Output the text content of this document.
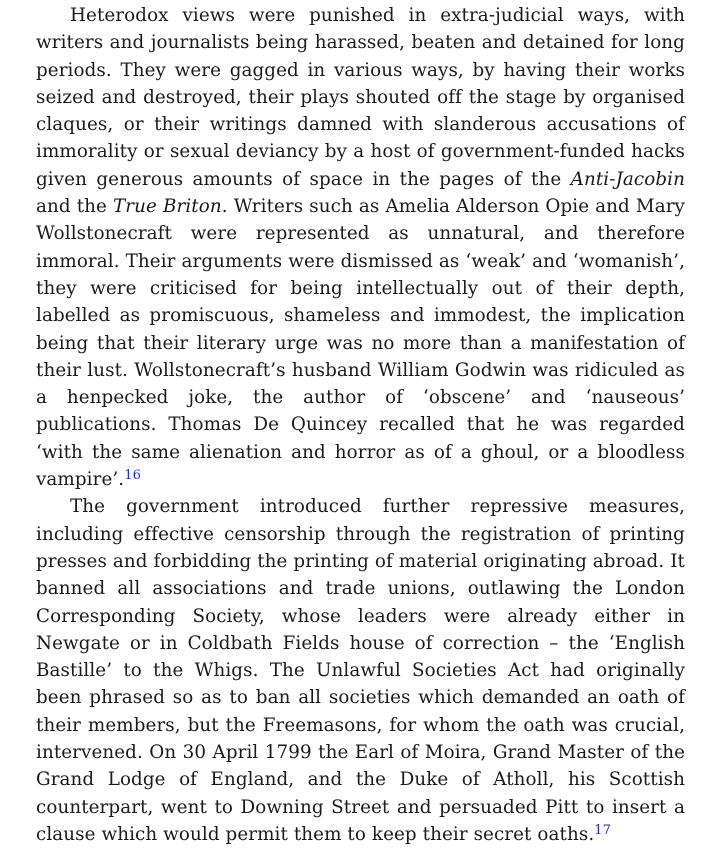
Heterodox views were punished in extra-judicial ways, with writers and journalists being harassed, beaten and detained for long periods. They were gagged in various ways, by having their works seized and destroyed, their plays shouted off the stage by organised claques, or their writings damned with slanderous accusations of immorality or sexual deviancy by a host of government-funded hacks given generous amounts of space in the pages of the Anti-Jacobin and the True Briton. Writers such as Amelia Alderson Opie and Mary Wollstonecraft were represented as unnatural, and therefore immoral. Their arguments were dismissed as ‘weak’ and ‘womanish’, they were criticised for being intellectually out of their depth, labelled as promiscuous, shameless and immodest, the implication being that their literary urge was no more than a manifestation of their lust. Wollstonecraft’s husband William Godwin was ridiculed as a henpecked joke, the author of ‘obscene’ and ‘nauseous’ publications. Thomas De Quincey recalled that he was regarded ‘with the same alienation and horror as of a ghoul, or a bloodless vampire’.$^{16}$

The government introduced further repressive measures, including effective censorship through the registration of printing presses and forbidding the printing of material originating abroad. It banned all associations and trade unions, outlawing the London Corresponding Society, whose leaders were already either in Newgate or in Coldbath Fields house of correction – the ‘English Bastille’ to the Whigs. The Unlawful Societies Act had originally been phrased so as to ban all societies which demanded an oath of their members, but the Freemasons, for whom the oath was crucial, intervened. On 30 April 1799 the Earl of Moira, Grand Master of the Grand Lodge of England, and the Duke of Atholl, his Scottish counterpart, went to Downing Street and persuaded Pitt to insert a clause which would permit them to keep their secret oaths.$^{17}$
